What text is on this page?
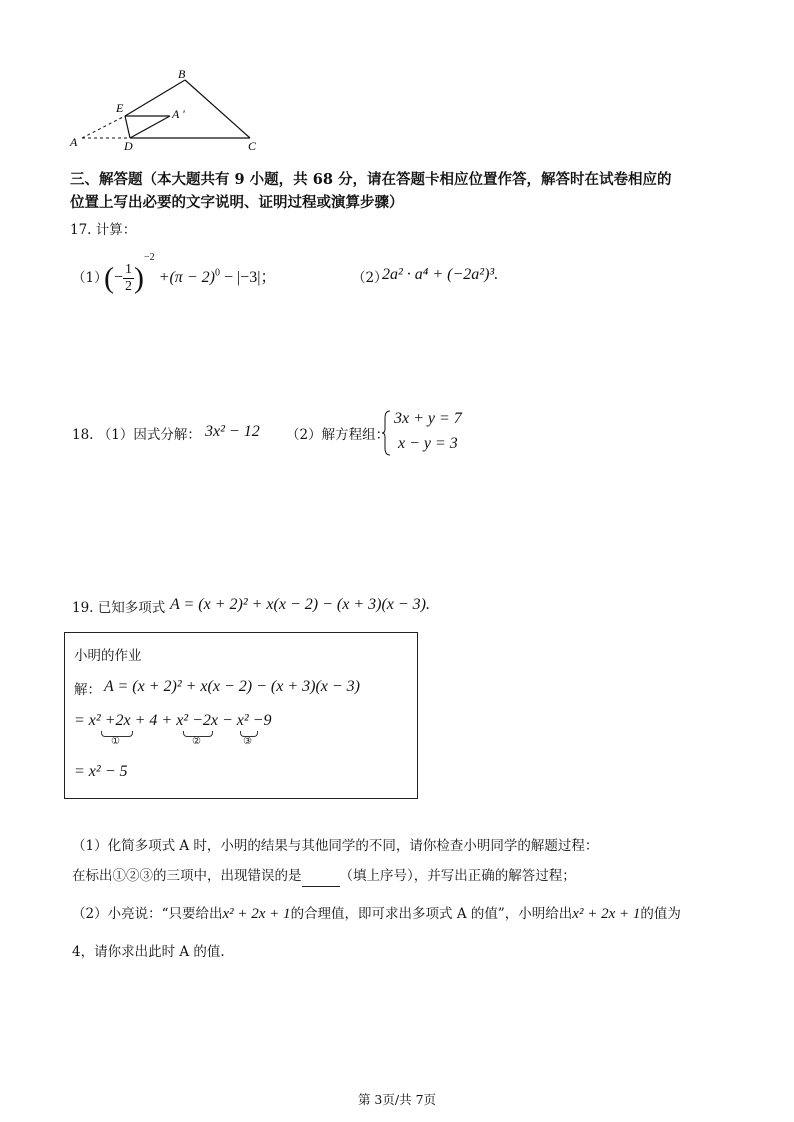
B
E	A '
A	D	C
三、解答题（本大题共有 9 小题，共 68 分，请在答题卡相应位置作答，解答时在试卷相应的
位置上写出必要的文字说明、证明过程或演算步骤）
17. 计算：
（1）
(− $\frac{1}{2} )^{-2} +(\pi - 2)^0 - |-3|$；	（2）
2a² · a⁴ + (−2a²)³.
18. （1）因式分解： 3x² − 12 （2）解方程组：
3x + y = 7
x − y = 3
19. 已知多项式 A = (x + 2)² + x(x − 2) − (x + 3)(x − 3).
小明的作业
解： A = (x + 2)² + x(x − 2) − (x + 3)(x − 3)
= x² +2x + 4 + x² −2x − x² −9
①	②	③
= x² − 5
（1）化简多项式 A 时，小明的结果与其他同学的不同，请你检查小明同学的解题过程：
在标出①②③的三项中，出现错误的是	（填上序号），并写出正确的解答过程；
（2）小亮说：“只要给出x² + 2x + 1的合理值，即可求出多项式 A 的值”，小明给出x² + 2x + 1的值为
4，请你求出此时 A 的值.
第 3页/共 7页
